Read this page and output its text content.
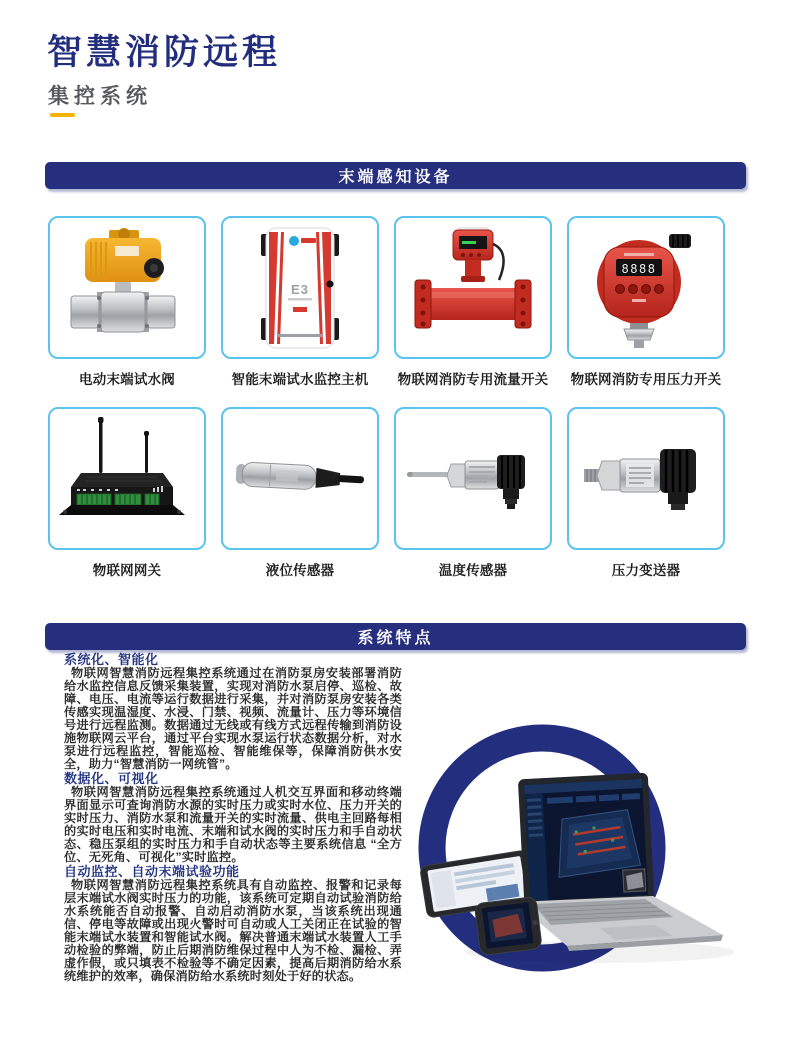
智慧消防远程
集控系统
末端感知设备
电动末端试水阀
E3
智能末端试水监控主机	物联网消防专用流量开关
8888
物联网消防专用压力开关
物联网网关	液位传感器	温度传感器	压力变送器
系统特点
系统化、智能化

物联网智慧消防远程集控系统通过在消防泵房安装部署消防给水监控信息反馈采集装置，实现对消防水泵启停、巡检、故障、电压、电流等运行数据进行采集，并对消防泵房安装各类传感实现温湿度、水浸、门禁、视频、流量计、压力等环境信号进行远程监测。数据通过无线或有线方式远程传输到消防设施物联网云平台，通过平台实现水泵运行状态数据分析，对水泵进行远程监控，智能巡检、智能维保等，保障消防供水安全，助力“智慧消防一网统管”。

数据化、可视化

物联网智慧消防远程集控系统通过人机交互界面和移动终端界面显示可查询消防水源的实时压力或实时水位、压力开关的实时压力、消防水泵和流量开关的实时流量、供电主回路每相的实时电压和实时电流、末端和试水阀的实时压力和手自动状态、稳压泵组的实时压力和手自动状态等主要系统信息 “全方位、无死角、可视化”实时监控。

自动监控、自动末端试验功能

物联网智慧消防远程集控系统具有自动监控、报警和记录每层末端试水阀实时压力的功能，该系统可定期自动试验消防给水系统能否自动报警、自动启动消防水泵，当该系统出现通信、停电等故障或出现火警时可自动或人工关闭正在试验的智能末端试水装置和智能试水阀。解决普通末端试水装置人工手动检验的弊端，防止后期消防维保过程中人为不检、漏检、弄虚作假，或只填表不检验等不确定因素，提高后期消防给水系统维护的效率，确保消防给水系统时刻处于好的状态。
